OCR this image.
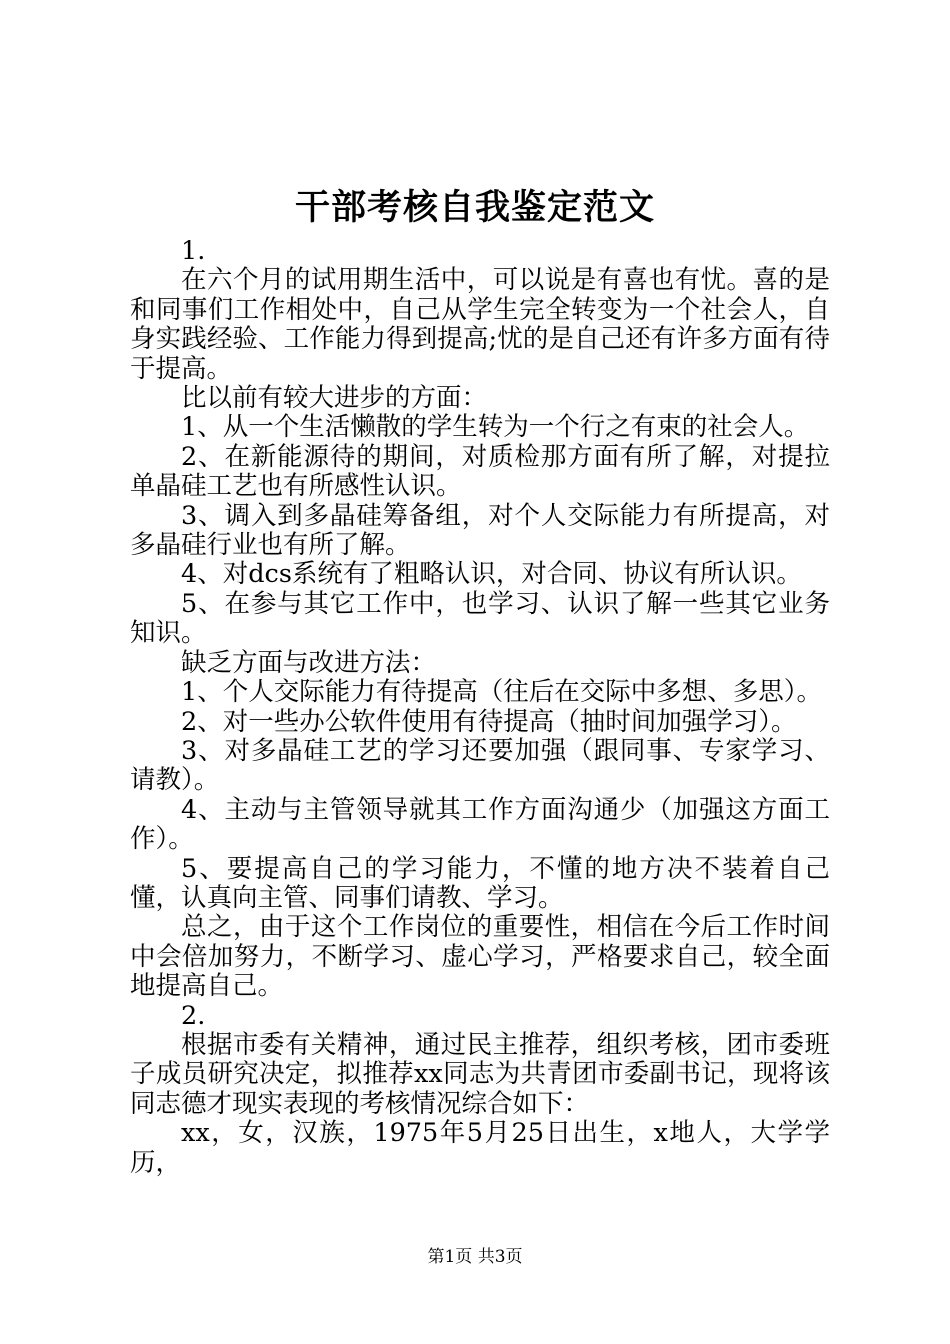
干部考核自我鉴定范文

1.

在六个月的试用期生活中，可以说是有喜也有忧。喜的是和同事们工作相处中，自己从学生完全转变为一个社会人，自身实践经验、工作能力得到提高;忧的是自己还有许多方面有待于提高。

比以前有较大进步的方面：

1、从一个生活懒散的学生转为一个行之有束的社会人。

2、在新能源待的期间，对质检那方面有所了解，对提拉单晶硅工艺也有所感性认识。

3、调入到多晶硅筹备组，对个人交际能力有所提高，对多晶硅行业也有所了解。

4、对dcs系统有了粗略认识，对合同、协议有所认识。

5、在参与其它工作中，也学习、认识了解一些其它业务知识。

缺乏方面与改进方法：

1、个人交际能力有待提高（往后在交际中多想、多思）。

2、对一些办公软件使用有待提高（抽时间加强学习）。

3、对多晶硅工艺的学习还要加强（跟同事、专家学习、请教）。

4、主动与主管领导就其工作方面沟通少（加强这方面工作）。

5、要提高自己的学习能力，不懂的地方决不装着自己懂，认真向主管、同事们请教、学习。

总之，由于这个工作岗位的重要性，相信在今后工作时间中会倍加努力，不断学习、虚心学习，严格要求自己，较全面地提高自己。

2.

根据市委有关精神，通过民主推荐，组织考核，团市委班子成员研究决定，拟推荐xx同志为共青团市委副书记，现将该同志德才现实表现的考核情况综合如下：

xx，女，汉族，1975年5月25日出生，x地人，大学学历，

第1页 共3页
